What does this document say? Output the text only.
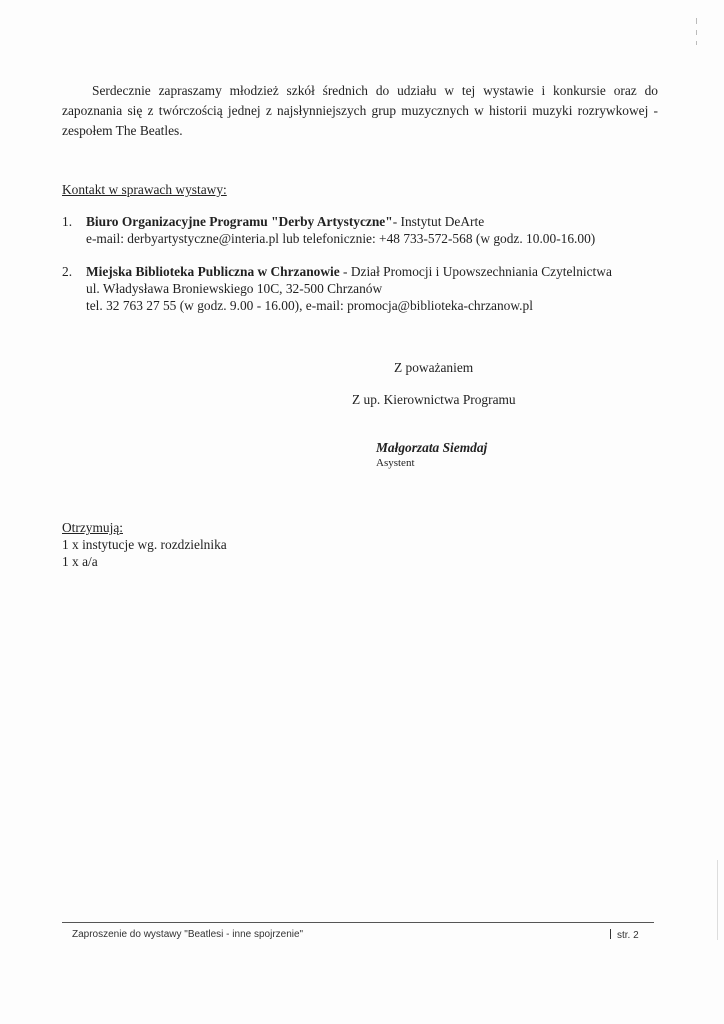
Serdecznie zapraszamy młodzież szkół średnich do udziału w tej wystawie i konkursie oraz do zapoznania się z twórczością jednej z najsłynniejszych grup muzycznych w historii muzyki rozrywkowej - zespołem The Beatles.

Kontakt w sprawach wystawy:
1. Biuro Organizacyjne Programu "Derby Artystyczne"- Instytut DeArte
e-mail: derbyartystyczne@interia.pl lub telefonicznie: +48 733-572-568 (w godz. 10.00-16.00)
2. Miejska Biblioteka Publiczna w Chrzanowie - Dział Promocji i Upowszechniania Czytelnictwa
ul. Władysława Broniewskiego 10C, 32-500 Chrzanów
tel. 32 763 27 55 (w godz. 9.00 - 16.00), e-mail: promocja@biblioteka-chrzanow.pl
Z poważaniem
Z up. Kierownictwa Programu
Małgorzata Siemdaj
Asystent
Otrzymują:
1 x instytucje wg. rozdzielnika
1 x a/a
Zaproszenie do wystawy "Beatlesi - inne spojrzenie"	str. 2
